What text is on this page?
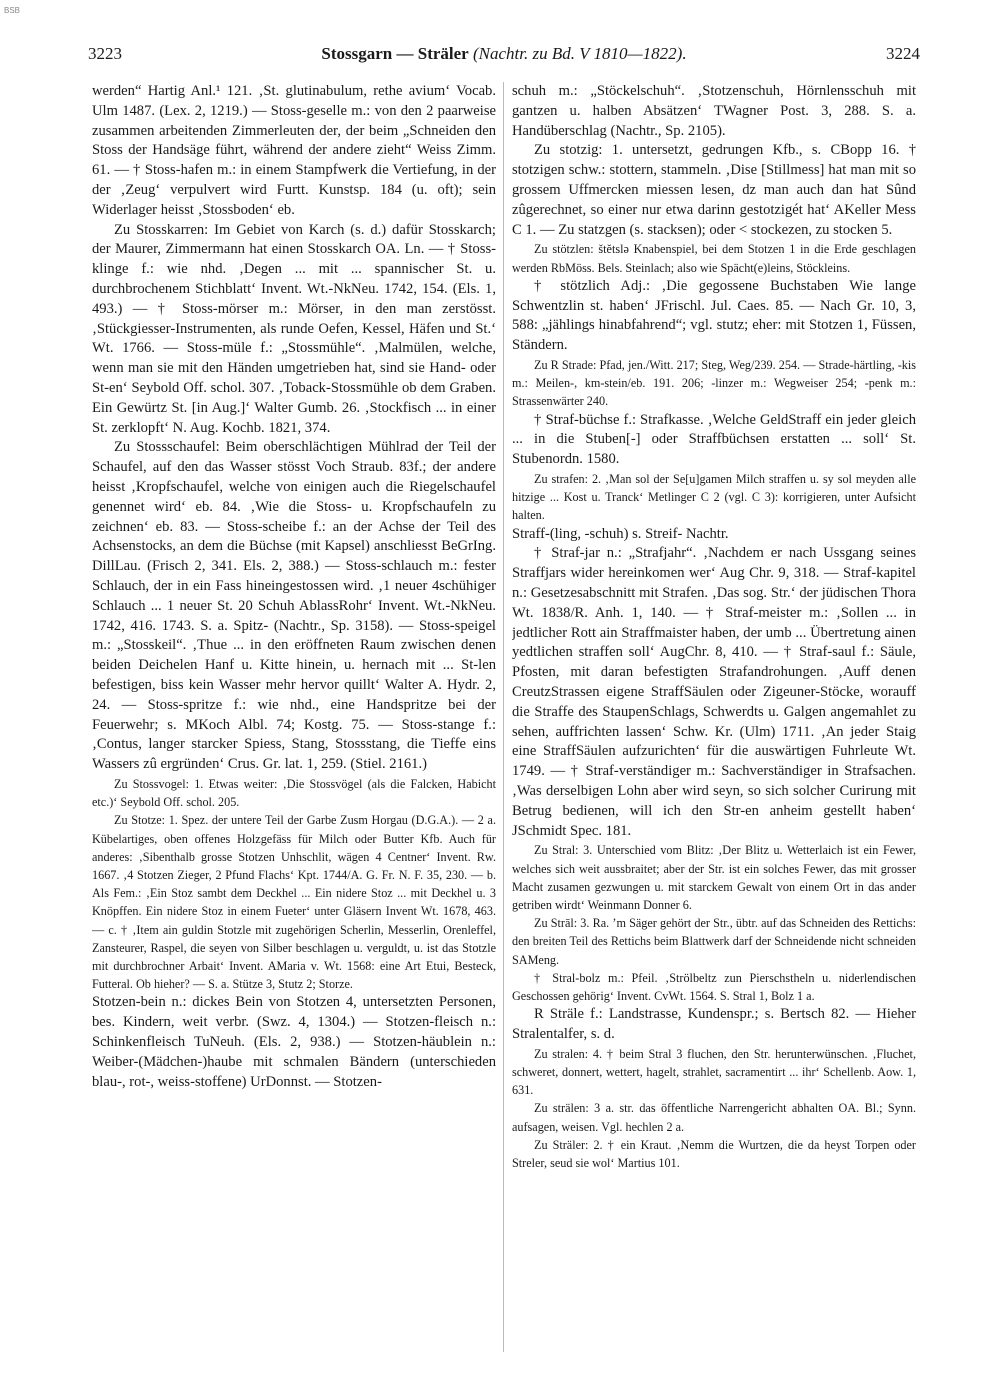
BSB
3223	Stossgarn — Sträler (Nachtr. zu Bd. V 1810—1822).	3224

werden“ Hartig Anl.¹ 121. ‚St. glutinabulum, rethe avium‘ Vocab. Ulm 1487. (Lex. 2, 1219.) — Stoss-geselle m.: von den 2 paarweise zusammen arbeitenden Zimmerleuten der, der beim „Schneiden den Stoss der Handsäge führt, während der andere zieht“ Weiss Zimm. 61. — † Stoss-hafen m.: in einem Stampfwerk die Vertiefung, in der der ‚Zeug‘ verpulvert wird Furtt. Kunstsp. 184 (u. oft); sein Widerlager heisst ‚Stossboden‘ eb.

Zu Stosskarren: Im Gebiet von Karch (s. d.) dafür Stosskarch; der Maurer, Zimmermann hat einen Stosskarch OA. Ln. — † Stoss-klinge f.: wie nhd. ‚Degen ... mit ... spannischer St. u. durchbrochenem Stichblatt‘ Invent. Wt.-NkNeu. 1742, 154. (Els. 1, 493.) — † Stoss-mörser m.: Mörser, in den man zerstösst. ‚Stückgiesser-Instrumenten, als runde Oefen, Kessel, Häfen und St.‘ Wt. 1766. — Stoss-müle f.: „Stossmühle“. ‚Malmülen, welche, wenn man sie mit den Händen umgetrieben hat, sind sie Hand- oder St-en‘ Seybold Off. schol. 307. ‚Toback-Stossmühle ob dem Graben. Ein Gewürtz St. [in Aug.]‘ Walter Gumb. 26. ‚Stockfisch ... in einer St. zerklopft‘ N. Aug. Kochb. 1821, 374.

Zu Stossschaufel: Beim oberschlächtigen Mühlrad der Teil der Schaufel, auf den das Wasser stösst Voch Straub. 83f.; der andere heisst ‚Kropfschaufel, welche von einigen auch die Riegelschaufel genennet wird‘ eb. 84. ‚Wie die Stoss- u. Kropfschaufeln zu zeichnen‘ eb. 83. — Stoss-scheibe f.: an der Achse der Teil des Achsenstocks, an dem die Büchse (mit Kapsel) anschliesst BeGrIng. DillLau. (Frisch 2, 341. Els. 2, 388.) — Stoss-schlauch m.: fester Schlauch, der in ein Fass hineingestossen wird. ‚1 neuer 4schühiger Schlauch ... 1 neuer St. 20 Schuh AblassRohr‘ Invent. Wt.-NkNeu. 1742, 416. 1743. S. a. Spitz- (Nachtr., Sp. 3158). — Stoss-speigel m.: „Stosskeil“. ‚Thue ... in den eröffneten Raum zwischen denen beiden Deichelen Hanf u. Kitte hinein, u. hernach mit ... St-len befestigen, biss kein Wasser mehr hervor quillt‘ Walter A. Hydr. 2, 24. — Stoss-spritze f.: wie nhd., eine Handspritze bei der Feuerwehr; s. MKoch Albl. 74; Kostg. 75. — Stoss-stange f.: ‚Contus, langer starcker Spiess, Stang, Stossstang, die Tieffe eins Wassers zû ergründen‘ Crus. Gr. lat. 1, 259. (Stiel. 2161.)

Zu Stossvogel: 1. Etwas weiter: ‚Die Stossvögel (als die Falcken, Habicht etc.)‘ Seybold Off. schol. 205.

Zu Stotze: 1. Spez. der untere Teil der Garbe Zusm Horgau (D.G.A.). — 2 a. Kübelartiges, oben offenes Holzgefäss für Milch oder Butter Kfb. Auch für anderes: ‚Sibenthalb grosse Stotzen Unhschlit, wägen 4 Centner‘ Invent. Rw. 1667. ‚4 Stotzen Zieger, 2 Pfund Flachs‘ Kpt. 1744/A. G. Fr. N. F. 35, 230. — b. Als Fem.: ‚Ein Stoz sambt dem Deckhel ... Ein nidere Stoz ... mit Deckhel u. 3 Knöpffen. Ein nidere Stoz in einem Fueter‘ unter Gläsern Invent Wt. 1678, 463. — c. † ‚Item ain guldin Stotzle mit zugehörigen Scherlin, Messerlin, Orenleffel, Zansteurer, Raspel, die seyen von Silber beschlagen u. verguldt, u. ist das Stotzle mit durchbrochner Arbait‘ Invent. AMaria v. Wt. 1568: eine Art Etui, Besteck, Futteral. Ob hieher? — S. a. Stütze 3, Stutz 2; Storze.

Stotzen-bein n.: dickes Bein von Stotzen 4, untersetzten Personen, bes. Kindern, weit verbr. (Swz. 4, 1304.) — Stotzen-fleisch n.: Schinkenfleisch TuNeuh. (Els. 2, 938.) — Stotzen-häublein n.: Weiber-(Mädchen-)haube mit schmalen Bändern (unterschieden blau-, rot-, weiss-stoffene) UrDonnst. — Stotzen-

schuh m.: „Stöckelschuh“. ‚Stotzenschuh, Hörnlensschuh mit gantzen u. halben Absätzen‘ TWagner Post. 3, 288. S. a. Handüberschlag (Nachtr., Sp. 2105).

Zu stotzig: 1. untersetzt, gedrungen Kfb., s. CBopp 16. † stotzigen schw.: stottern, stammeln. ‚Dise [Stillmess] hat man mit so grossem Uffmercken miessen lesen, dz man auch dan hat Sûnd zûgerechnet, so einer nur etwa darinn gestotzigét hat‘ AKeller Mess C 1. — Zu statzgen (s. stacksen); oder < stockezen, zu stocken 5.

Zu stötzlen: štĕtslə Knabenspiel, bei dem Stotzen 1 in die Erde geschlagen werden RbMöss. Bels. Steinlach; also wie Spächt(e)leins, Stöckleins.

† stötzlich Adj.: ‚Die gegossene Buchstaben Wie lange Schwentzlin st. haben‘ JFrischl. Jul. Caes. 85. — Nach Gr. 10, 3, 588: „jählings hinabfahrend“; vgl. stutz; eher: mit Stotzen 1, Füssen, Ständern.

Zu R Strade: Pfad, jen./Witt. 217; Steg, Weg/239. 254. — Strade-härtling, -kis m.: Meilen-, km-stein/eb. 191. 206; -linzer m.: Wegweiser 254; -penk m.: Strassenwärter 240.

† Straf-büchse f.: Strafkasse. ‚Welche GeldStraff ein jeder gleich ... in die Stuben[-] oder Straffbüchsen erstatten ... soll‘ St. Stubenordn. 1580.

Zu strafen: 2. ‚Man sol der Se[u]gamen Milch straffen u. sy sol meyden alle hitzige ... Kost u. Tranck‘ Metlinger C 2 (vgl. C 3): korrigieren, unter Aufsicht halten.

Straff-(ling, -schuh) s. Streif- Nachtr.

† Straf-jar n.: „Strafjahr“. ‚Nachdem er nach Ussgang seines Straffjars wider hereinkomen wer‘ Aug Chr. 9, 318. — Straf-kapitel n.: Gesetzesabschnitt mit Strafen. ‚Das sog. Str.‘ der jüdischen Thora Wt. 1838/R. Anh. 1, 140. — † Straf-meister m.: ‚Sollen ... in jedtlicher Rott ain Straffmaister haben, der umb ... Übertretung ainen yedtlichen straffen soll‘ AugChr. 8, 410. — † Straf-saul f.: Säule, Pfosten, mit daran befestigten Strafandrohungen. ‚Auff denen CreutzStrassen eigene StraffSäulen oder Zigeuner-Stöcke, worauff die Straffe des StaupenSchlags, Schwerdts u. Galgen angemahlet zu sehen, auffrichten lassen‘ Schw. Kr. (Ulm) 1711. ‚An jeder Staig eine StraffSäulen aufzurichten‘ für die auswärtigen Fuhrleute Wt. 1749. — † Straf-verständiger m.: Sachverständiger in Strafsachen. ‚Was derselbigen Lohn aber wird seyn, so sich solcher Curirung mit Betrug bedienen, will ich den Str-en anheim gestellt haben‘ JSchmidt Spec. 181.

Zu Stral: 3. Unterschied vom Blitz: ‚Der Blitz u. Wetterlaich ist ein Fewer, welches sich weit aussbraitet; aber der Str. ist ein solches Fewer, das mit grosser Macht zusamen gezwungen u. mit starckem Gewalt von einem Ort in das ander getriben wirdt‘ Weinmann Donner 6.

Zu Strāl: 3. Ra. ’m Säger gehört der Str., übtr. auf das Schneiden des Rettichs: den breiten Teil des Rettichs beim Blattwerk darf der Schneidende nicht schneiden SAMeng.

† Stral-bolz m.: Pfeil. ‚Strölbeltz zun Pierschstheln u. niderlendischen Geschossen gehörig‘ Invent. CvWt. 1564. S. Stral 1, Bolz 1 a.

R Sträle f.: Landstrasse, Kundenspr.; s. Bertsch 82. — Hieher Stralentalfer, s. d.

Zu stralen: 4. † beim Stral 3 fluchen, den Str. herunterwünschen. ‚Fluchet, schweret, donnert, wettert, hagelt, strahlet, sacramentirt ... ihr‘ Schellenb. Aow. 1, 631.

Zu strälen: 3 a. str. das öffentliche Narrengericht abhalten OA. Bl.; Synn. aufsagen, weisen. Vgl. hechlen 2 a.

Zu Sträler: 2. † ein Kraut. ‚Nemm die Wurtzen, die da heyst Torpen oder Streler, seud sie wol‘ Martius 101.
